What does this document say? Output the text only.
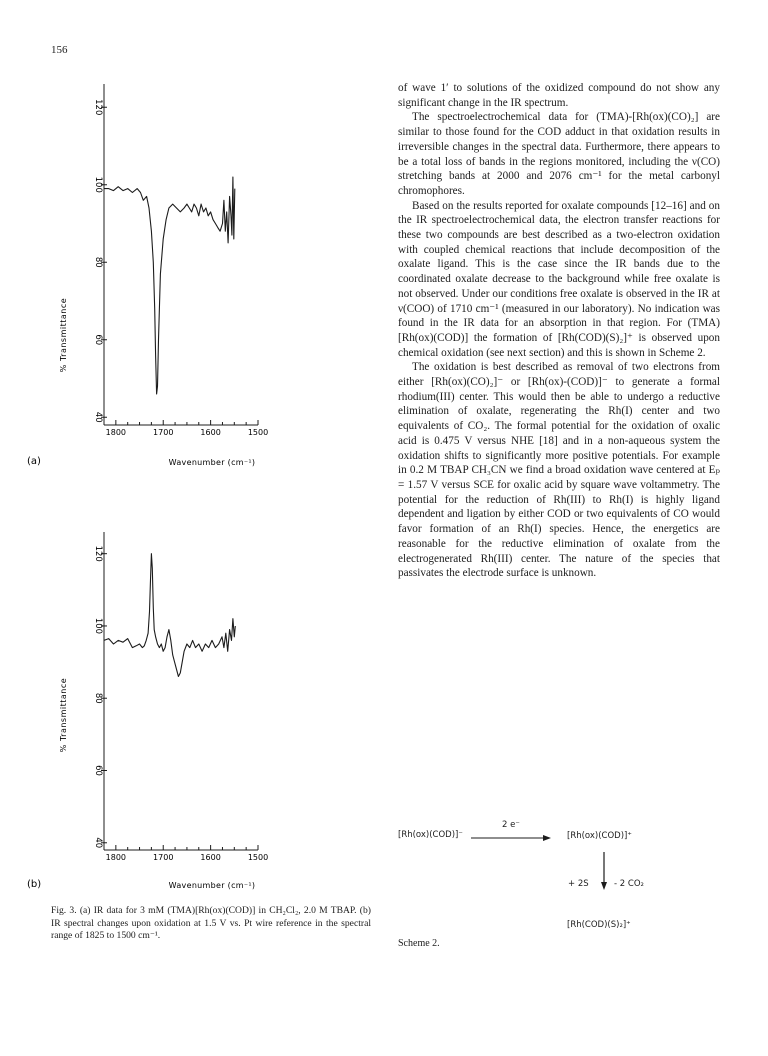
156
% Transmittance
(a)	Wavenumber (cm⁻¹)
120
100
80
60
40
1800	1700	1600	1500
% Transmittance
(b)	Wavenumber (cm⁻¹)
120
100
80
60
40
1800	1700	1600	1500
Fig. 3. (a) IR data for 3 mM (TMA)[Rh(ox)(COD)] in CH₂Cl₂, 2.0 M TBAP. (b) IR spectral changes upon oxidation at 1.5 V vs. Pt wire reference in the spectral range of 1825 to 1500 cm⁻¹.

of wave 1′ to solutions of the oxidized compound do not show any significant change in the IR spectrum.

The spectroelectrochemical data for (TMA)-[Rh(ox)(CO)₂] are similar to those found for the COD adduct in that oxidation results in irreversible changes in the spectral data. Furthermore, there appears to be a total loss of bands in the regions monitored, including the ν(CO) stretching bands at 2000 and 2076 cm⁻¹ for the metal carbonyl chromophores.

Based on the results reported for oxalate compounds [12–16] and on the IR spectroelectrochemical data, the electron transfer reactions for these two compounds are best described as a two-electron oxidation with coupled chemical reactions that include decomposition of the oxalate ligand. This is the case since the IR bands due to the coordinated oxalate decrease to the background while free oxalate is not observed. Under our conditions free oxalate is observed in the IR at ν(COO) of 1710 cm⁻¹ (measured in our laboratory). No indication was found in the IR data for an absorption in that region. For (TMA)[Rh(ox)(COD)] the formation of [Rh(COD)(S)₂]⁺ is observed upon chemical oxidation (see next section) and this is shown in Scheme 2.

The oxidation is best described as removal of two electrons from either [Rh(ox)(CO)₂]⁻ or [Rh(ox)-(COD)]⁻ to generate a formal rhodium(III) center. This would then be able to undergo a reductive elimination of oxalate, regenerating the Rh(I) center and two equivalents of CO₂. The formal potential for the oxidation of oxalic acid is 0.475 V versus NHE [18] and in a non-aqueous system the oxidation shifts to significantly more positive potentials. For example in 0.2 M TBAP CH₃CN we find a broad oxidation wave centered at Eₚ = 1.57 V versus SCE for oxalic acid by square wave voltammetry. The potential for the reduction of Rh(III) to Rh(I) is highly ligand dependent and ligation by either COD or two equivalents of CO would favor formation of an Rh(I) species. Hence, the energetics are reasonable for the reductive elimination of oxalate from the electrogenerated Rh(III) center. The nature of the species that passivates the electrode surface is unknown.

[Rh(ox)(COD)]⁻
2 e⁻
[Rh(ox)(COD)]⁺
+ 2S	- 2 CO₂
[Rh(COD)(S)₂]⁺
Scheme 2.
